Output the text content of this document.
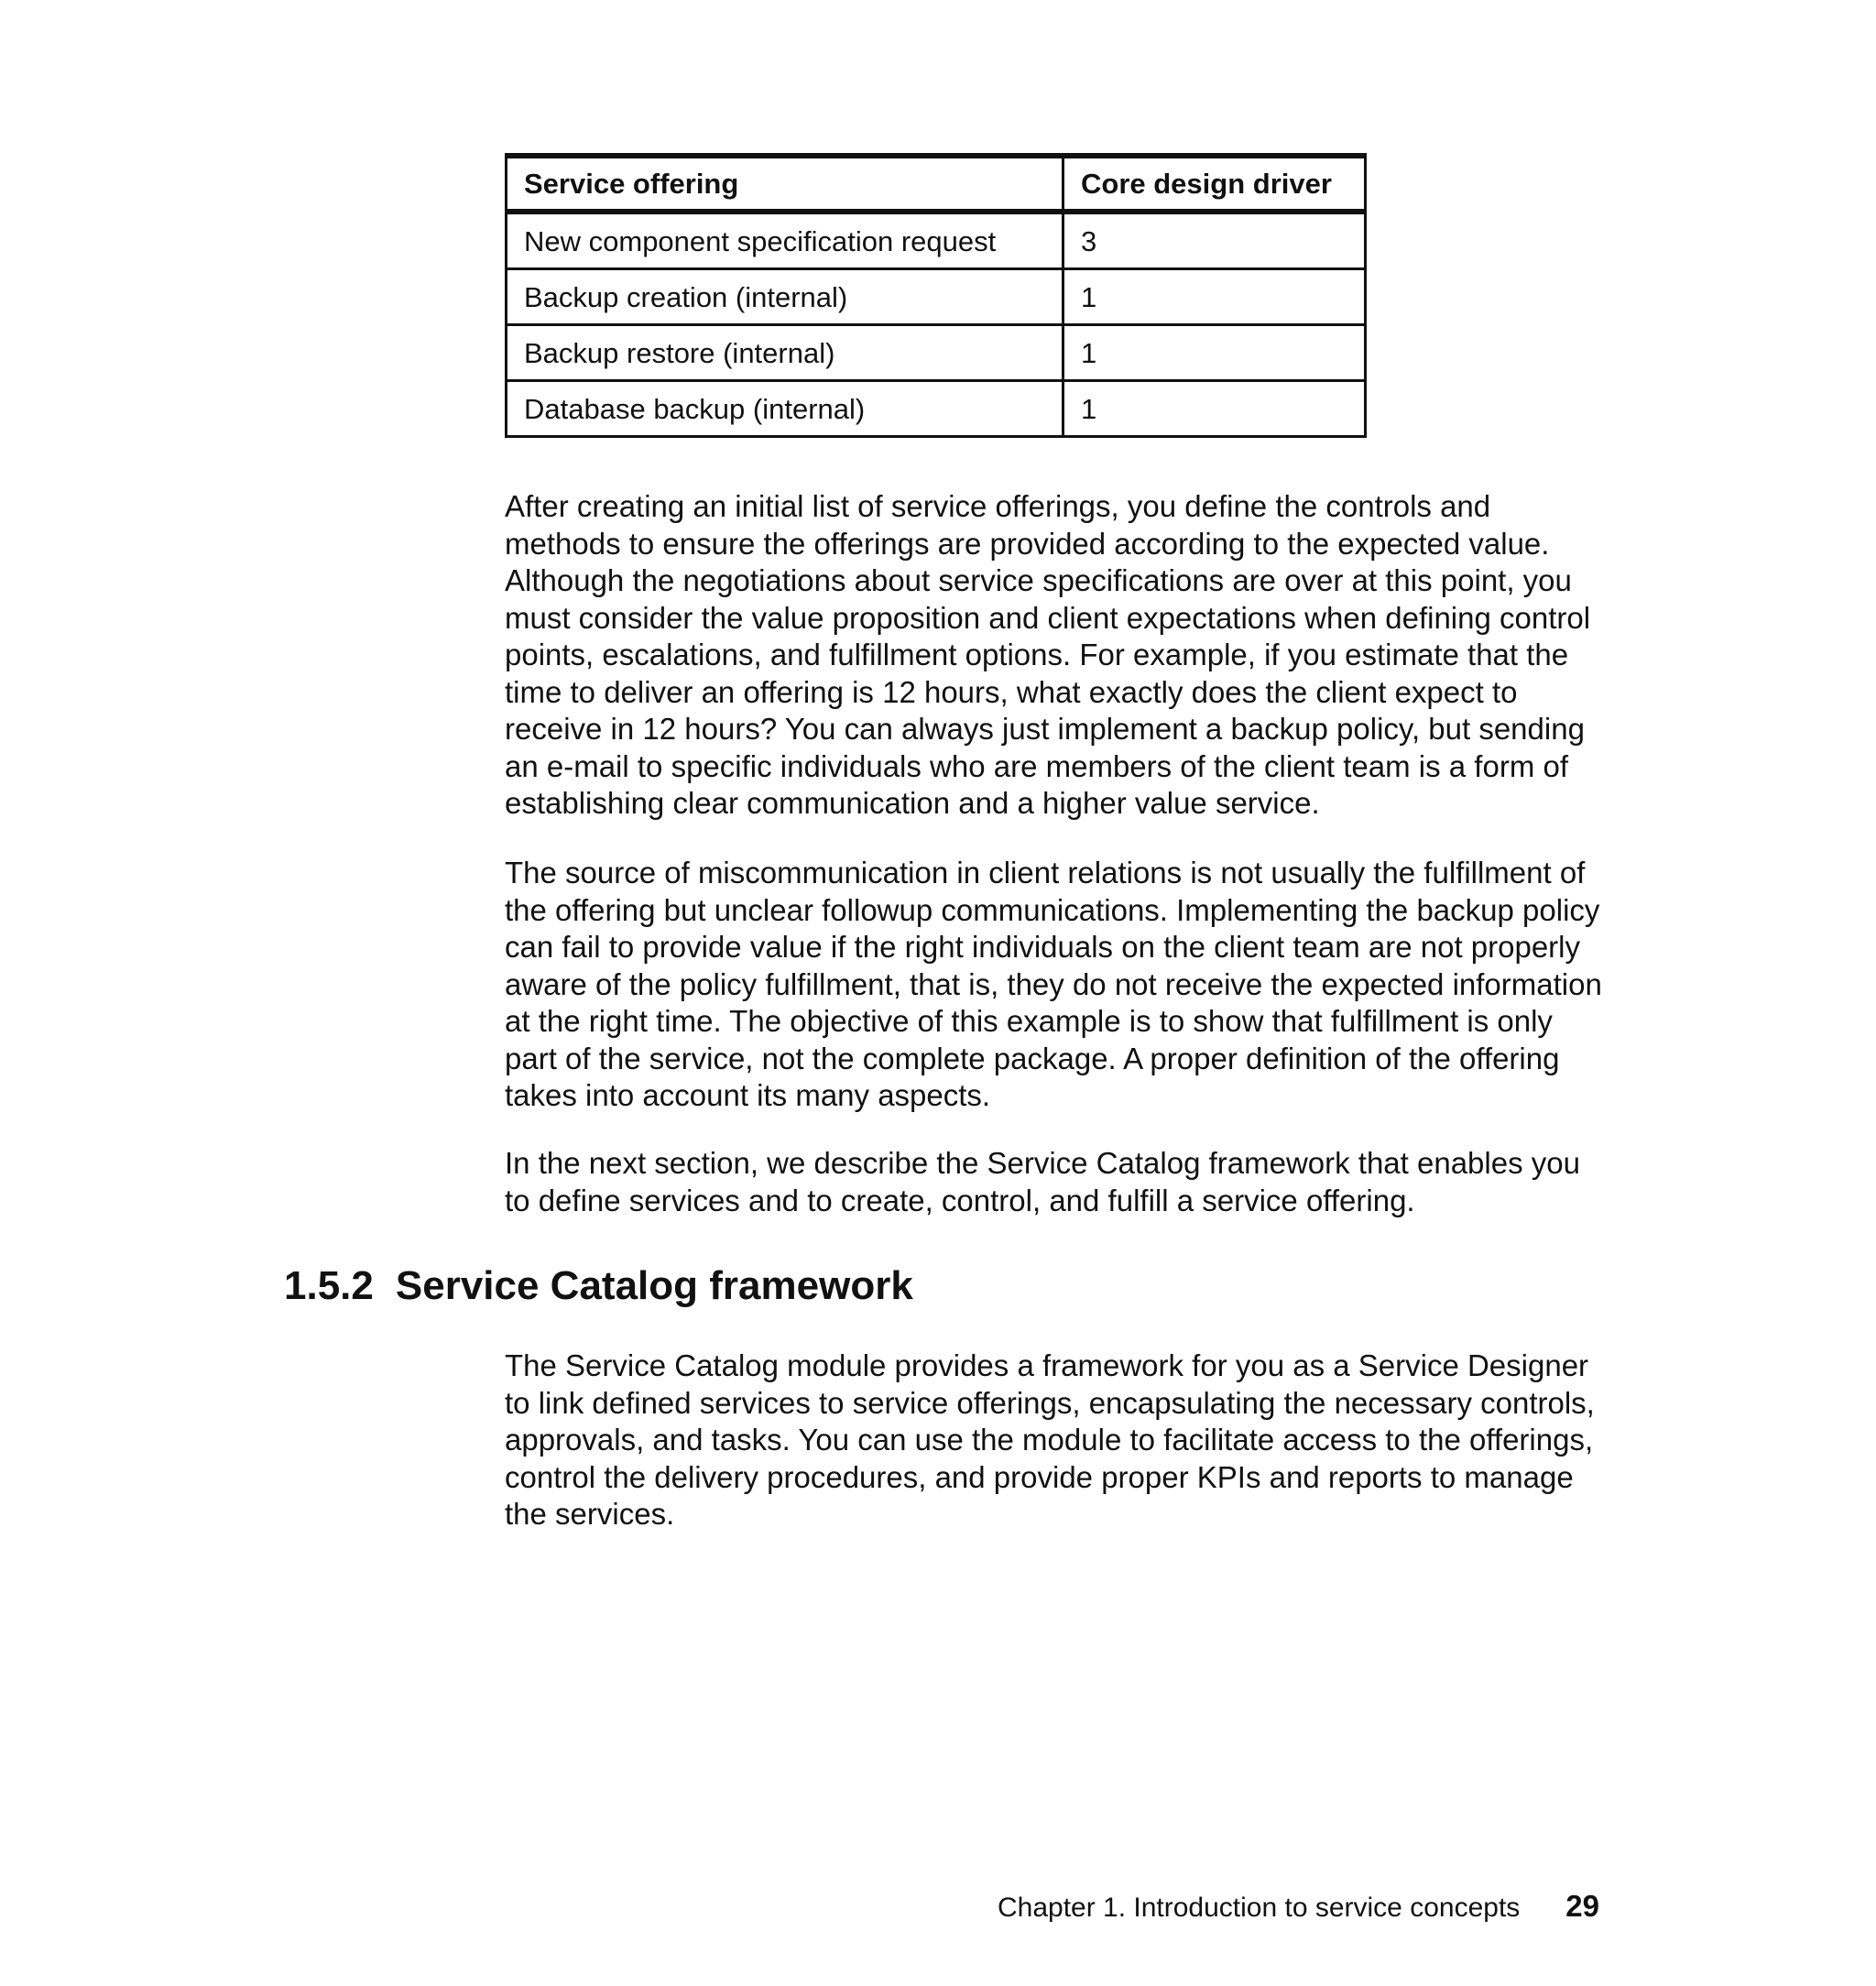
Service offering	Core design driver
New component specification request	3
Backup creation (internal)	1
Backup restore (internal)	1
Database backup (internal)	1

After creating an initial list of service offerings, you define the controls and methods to ensure the offerings are provided according to the expected value. Although the negotiations about service specifications are over at this point, you must consider the value proposition and client expectations when defining control points, escalations, and fulfillment options. For example, if you estimate that the time to deliver an offering is 12 hours, what exactly does the client expect to receive in 12 hours? You can always just implement a backup policy, but sending an e-mail to specific individuals who are members of the client team is a form of establishing clear communication and a higher value service.

The source of miscommunication in client relations is not usually the fulfillment of the offering but unclear followup communications. Implementing the backup policy can fail to provide value if the right individuals on the client team are not properly aware of the policy fulfillment, that is, they do not receive the expected information at the right time. The objective of this example is to show that fulfillment is only part of the service, not the complete package. A proper definition of the offering takes into account its many aspects.

In the next section, we describe the Service Catalog framework that enables you to define services and to create, control, and fulfill a service offering.

1.5.2 Service Catalog framework

The Service Catalog module provides a framework for you as a Service Designer to link defined services to service offerings, encapsulating the necessary controls, approvals, and tasks. You can use the module to facilitate access to the offerings, control the delivery procedures, and provide proper KPIs and reports to manage the services.

Chapter 1. Introduction to service concepts 29
